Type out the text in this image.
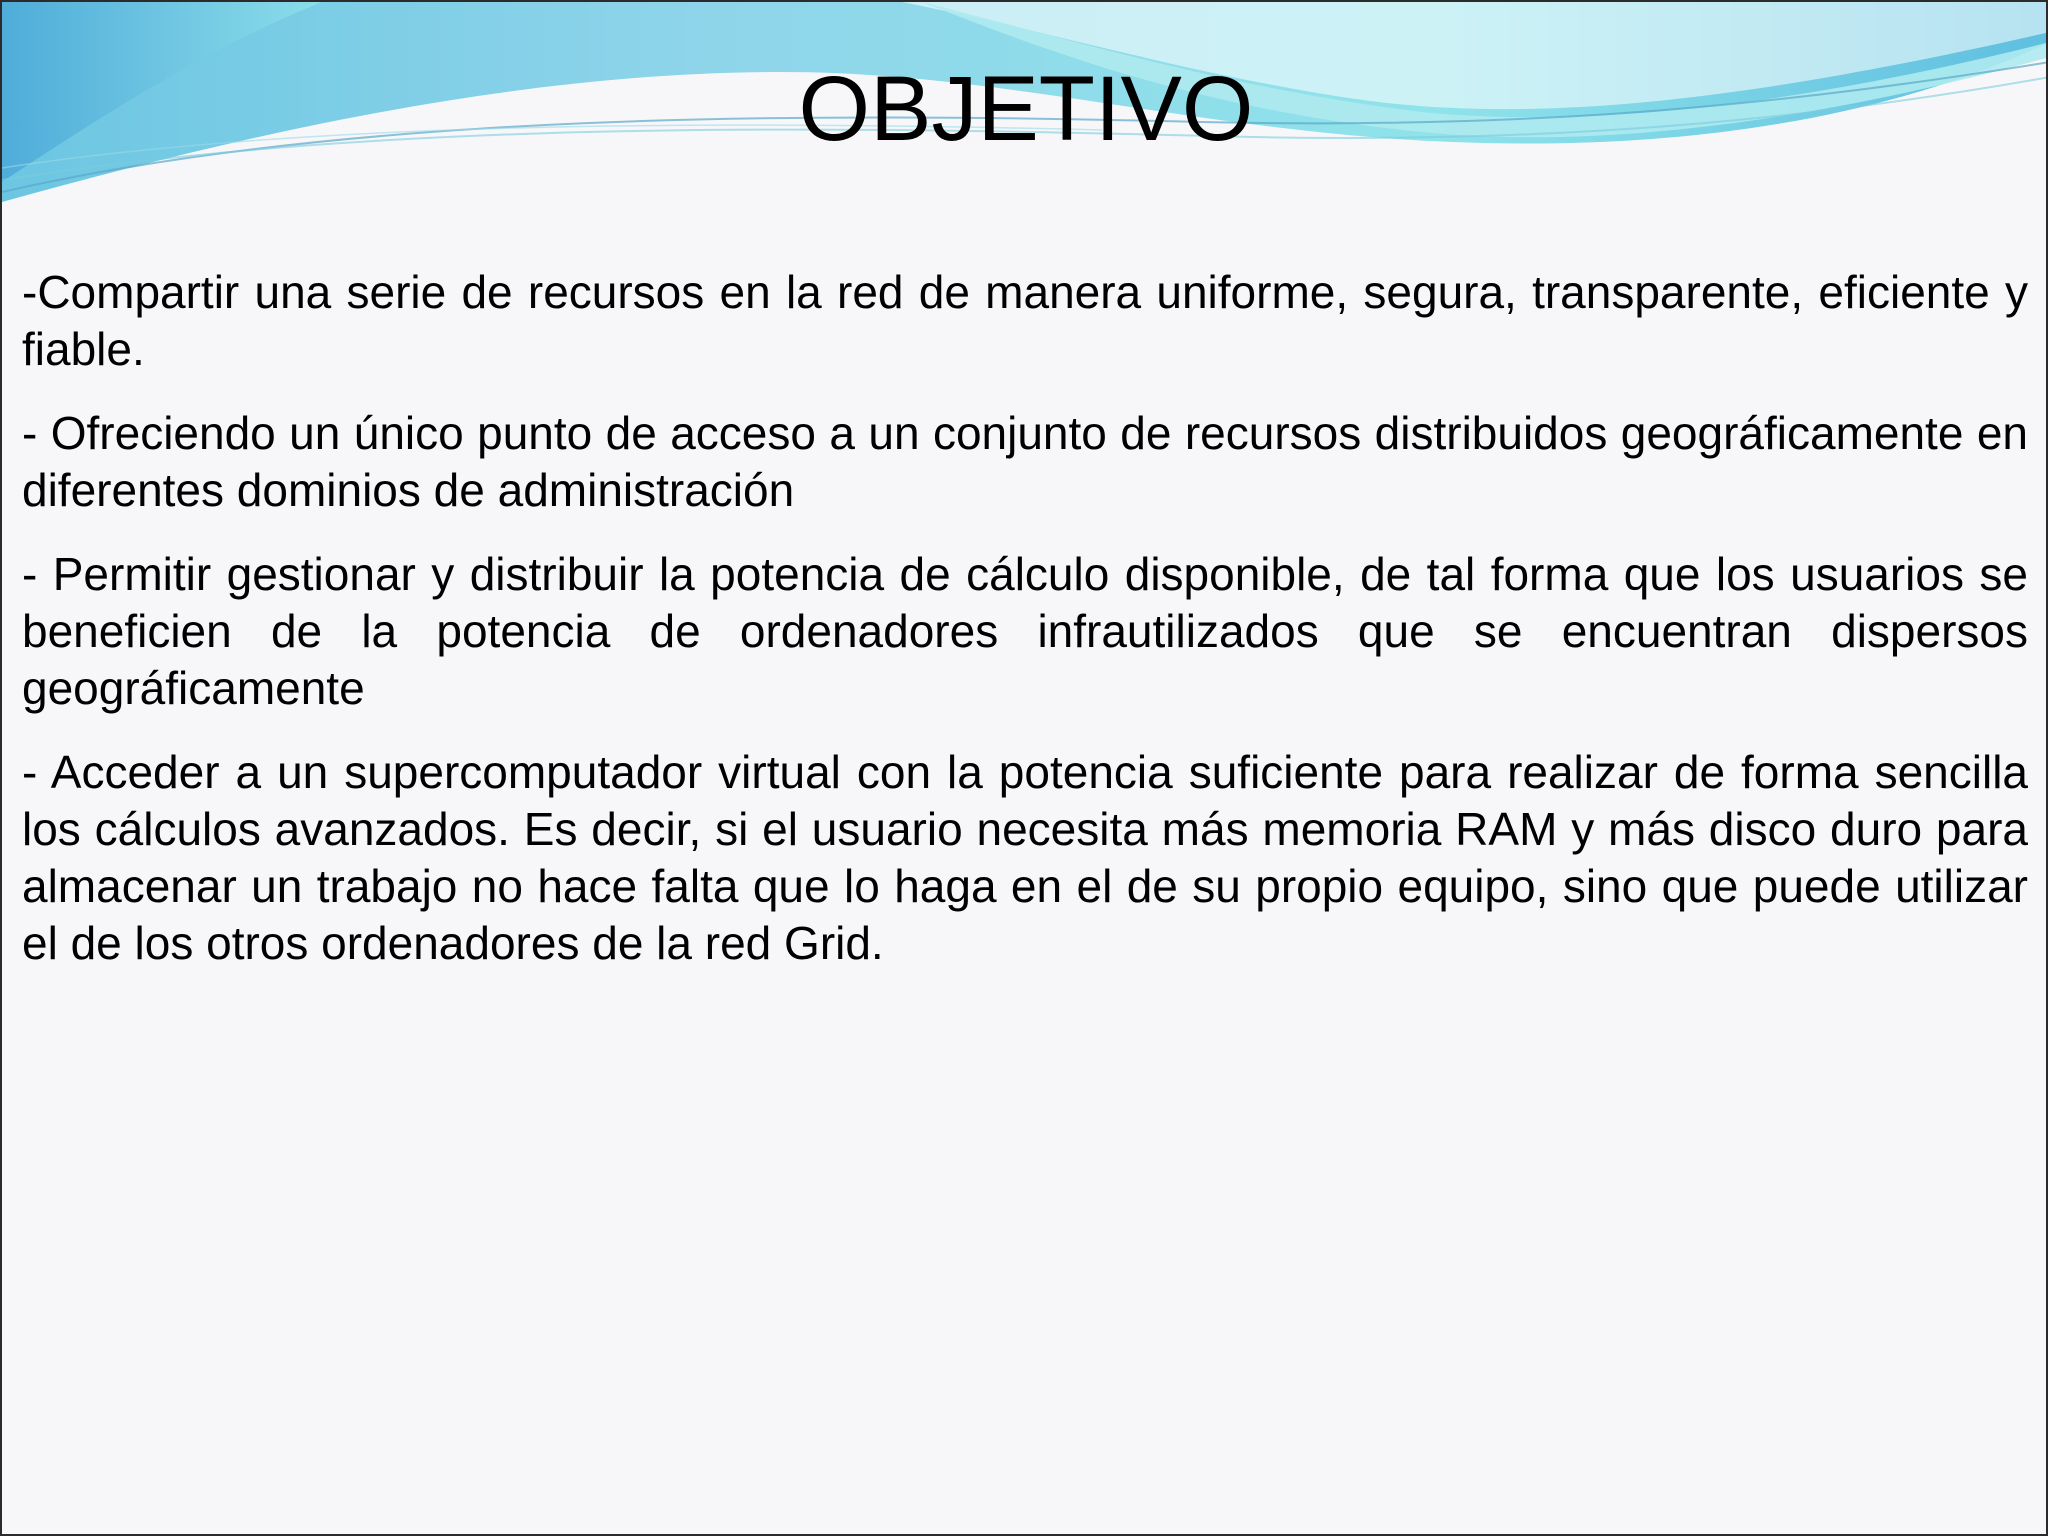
OBJETIVO

-Compartir una serie de recursos en la red de manera uniforme, segura, transparente, eficiente y fiable.

- Ofreciendo un único punto de acceso a un conjunto de recursos distribuidos geográficamente en diferentes dominios de administración

- Permitir gestionar y distribuir la potencia de cálculo disponible, de tal forma que los usuarios se beneficien de la potencia de ordenadores infrautilizados que se encuentran dispersos geográficamente

- Acceder a un supercomputador virtual con la potencia suficiente para realizar de forma sencilla los cálculos avanzados. Es decir, si el usuario necesita más memoria RAM y más disco duro para almacenar un trabajo no hace falta que lo haga en el de su propio equipo, sino que puede utilizar el de los otros ordenadores de la red Grid.
